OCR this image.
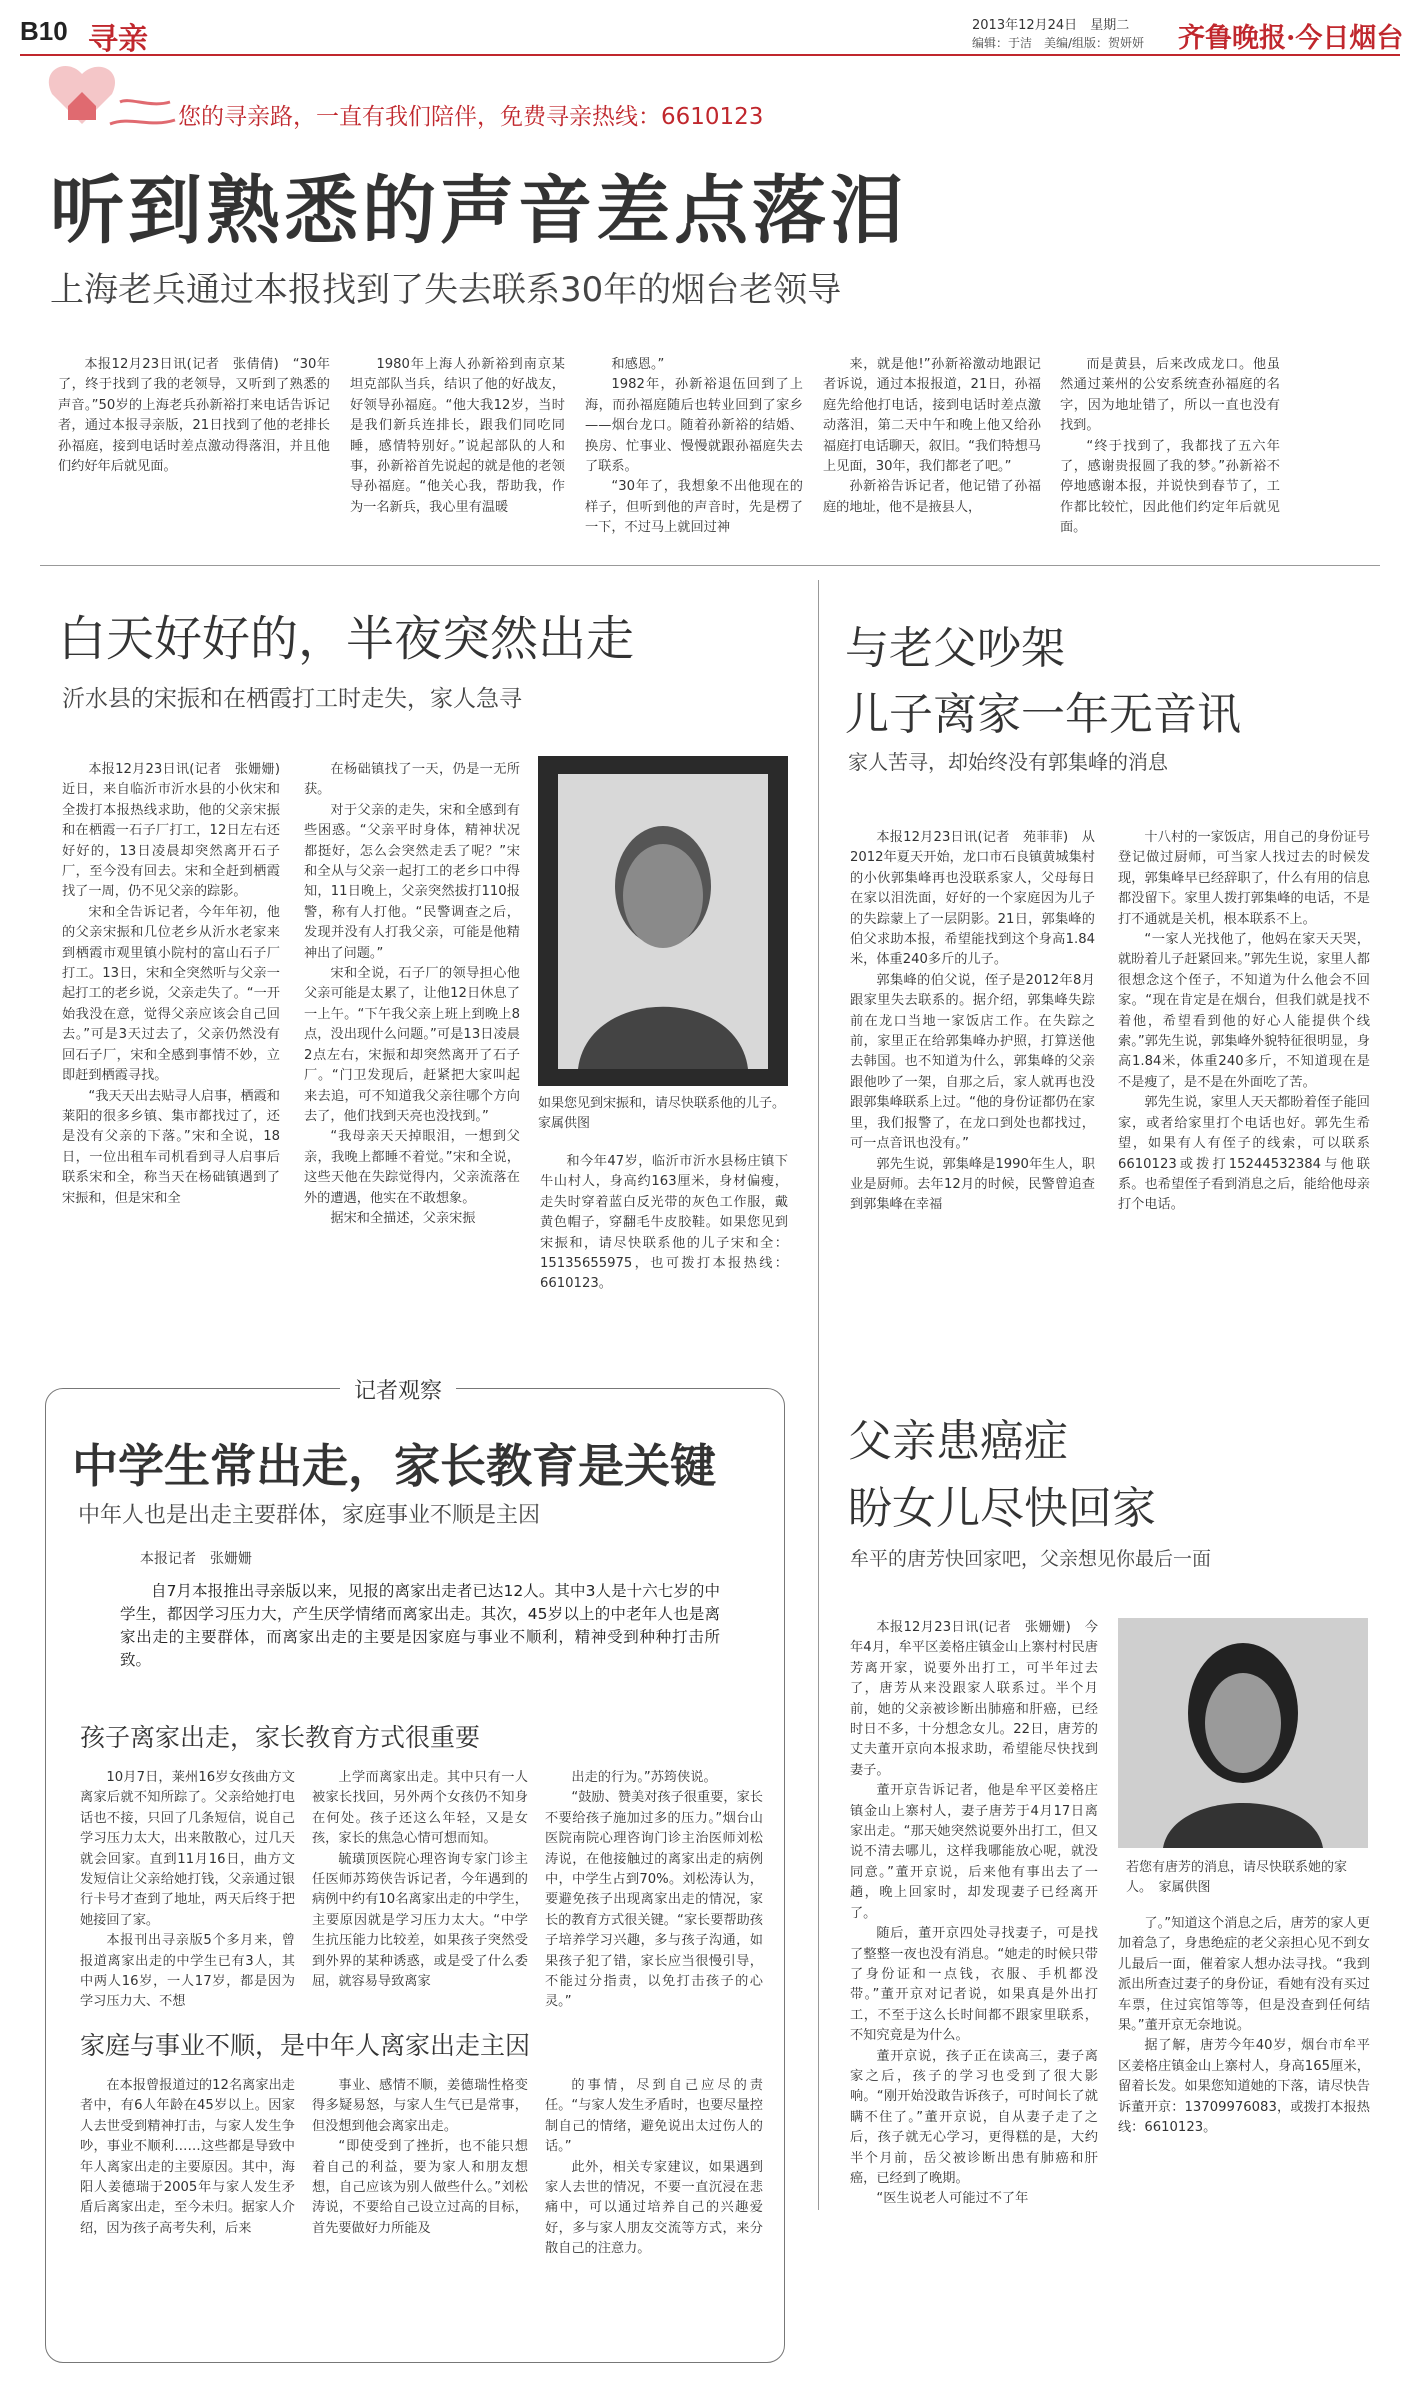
B10 寻亲	2013年12月24日　 星期二
编辑：于洁　美编/组版：贺妍妍 齐鲁晚报·今日烟台
您的寻亲路，一直有我们陪伴，免费寻亲热线：6610123
听到熟悉的声音差点落泪
上海老兵通过本报找到了失去联系30年的烟台老领导

本报12月23日讯(记者　张倩倩)　“30年了，终于找到了我的老领导，又听到了熟悉的声音。”50岁的上海老兵孙新裕打来电话告诉记者，通过本报寻亲版，21日找到了他的老排长孙福庭，接到电话时差点激动得落泪，并且他们约好年后就见面。

1980年上海人孙新裕到南京某坦克部队当兵，结识了他的好战友，好领导孙福庭。“他大我12岁，当时是我们新兵连排长，跟我们同吃同睡，感情特别好。”说起部队的人和事，孙新裕首先说起的就是他的老领导孙福庭。“他关心我，帮助我，作为一名新兵，我心里有温暖

和感恩。”

1982年，孙新裕退伍回到了上海，而孙福庭随后也转业回到了家乡——烟台龙口。随着孙新裕的结婚、换房、忙事业、慢慢就跟孙福庭失去了联系。

“30年了，我想象不出他现在的样子，但听到他的声音时，先是楞了一下，不过马上就回过神

来，就是他!”孙新裕激动地跟记者诉说，通过本报报道，21日，孙福庭先给他打电话，接到电话时差点激动落泪，第二天中午和晚上他又给孙福庭打电话聊天，叙旧。“我们特想马上见面，30年，我们都老了吧。”

孙新裕告诉记者，他记错了孙福庭的地址，他不是掖县人，

而是黄县，后来改成龙口。他虽然通过莱州的公安系统查孙福庭的名字，因为地址错了，所以一直也没有找到。

“终于找到了，我都找了五六年了，感谢贵报圆了我的梦。”孙新裕不停地感谢本报，并说快到春节了，工作都比较忙，因此他们约定年后就见面。

白天好好的，半夜突然出走
沂水县的宋振和在栖霞打工时走失，家人急寻

本报12月23日讯(记者　张姗姗)　近日，来自临沂市沂水县的小伙宋和全拨打本报热线求助，他的父亲宋振和在栖霞一石子厂打工，12日左右还好好的，13日凌晨却突然离开石子厂，至今没有回去。宋和全赶到栖霞找了一周，仍不见父亲的踪影。

宋和全告诉记者，今年年初，他的父亲宋振和几位老乡从沂水老家来到栖霞市观里镇小院村的富山石子厂打工。13日，宋和全突然听与父亲一起打工的老乡说，父亲走失了。“一开始我没在意，觉得父亲应该会自己回去。”可是3天过去了，父亲仍然没有回石子厂，宋和全感到事情不妙，立即赶到栖霞寻找。

“我天天出去贴寻人启事，栖霞和莱阳的很多乡镇、集市都找过了，还是没有父亲的下落。”宋和全说，18日，一位出租车司机看到寻人启事后联系宋和全，称当天在杨础镇遇到了宋振和，但是宋和全

在杨础镇找了一天，仍是一无所获。

对于父亲的走失，宋和全感到有些困惑。“父亲平时身体，精神状况都挺好，怎么会突然走丢了呢？”宋和全从与父亲一起打工的老乡口中得知，11日晚上，父亲突然拔打110报警，称有人打他。“民警调查之后，发现并没有人打我父亲，可能是他精神出了问题。”

宋和全说，石子厂的领导担心他父亲可能是太累了，让他12日休息了一上午。“下午我父亲上班上到晚上8点，没出现什么问题。”可是13日凌晨2点左右，宋振和却突然离开了石子厂。“门卫发现后，赶紧把大家叫起来去追，可不知道我父亲往哪个方向去了，他们找到天亮也没找到。”

“我母亲天天掉眼泪，一想到父亲，我晚上都睡不着觉。”宋和全说，这些天他在失踪觉得内，父亲流落在外的遭遇，他实在不敢想象。

据宋和全描述，父亲宋振

如果您见到宋振和，请尽快联系他的儿子。　家属供图

和今年47岁，临沂市沂水县杨庄镇下牛山村人，身高约163厘米，身材偏瘦，走失时穿着蓝白反光带的灰色工作服，戴黄色帽子，穿翻毛牛皮胶鞋。如果您见到宋振和，请尽快联系他的儿子宋和全：15135655975，也可拨打本报热线：6610123。

与老父吵架
儿子离家一年无音讯
家人苦寻，却始终没有郭集峰的消息

本报12月23日讯(记者　苑菲菲)　从2012年夏天开始，龙口市石良镇黄城集村的小伙郭集峰再也没联系家人，父母每日在家以泪洗面，好好的一个家庭因为儿子的失踪蒙上了一层阴影。21日，郭集峰的伯父求助本报，希望能找到这个身高1.84米，体重240多斤的儿子。

郭集峰的伯父说，侄子是2012年8月跟家里失去联系的。据介绍，郭集峰失踪前在龙口当地一家饭店工作。在失踪之前，家里正在给郭集峰办护照，打算送他去韩国。也不知道为什么，郭集峰的父亲跟他吵了一架，自那之后，家人就再也没跟郭集峰联系上过。“他的身份证都仍在家里，我们报警了，在龙口到处也都找过，可一点音讯也没有。”

郭先生说，郭集峰是1990年生人，职业是厨师。去年12月的时候，民警曾追查到郭集峰在幸福

十八村的一家饭店，用自己的身份证号登记做过厨师，可当家人找过去的时候发现，郭集峰早已经辞职了，什么有用的信息都没留下。家里人拨打郭集峰的电话，不是打不通就是关机，根本联系不上。

“一家人光找他了，他妈在家天天哭，就盼着儿子赶紧回来。”郭先生说，家里人都很想念这个侄子，不知道为什么他会不回家。“现在肯定是在烟台，但我们就是找不着他，希望看到他的好心人能提供个线索。”郭先生说，郭集峰外貌特征很明显，身高1.84米，体重240多斤，不知道现在是不是瘦了，是不是在外面吃了苦。

郭先生说，家里人天天都盼着侄子能回家，或者给家里打个电话也好。郭先生希望，如果有人有侄子的线索，可以联系6610123或拨打15244532384与他联系。也希望侄子看到消息之后，能给他母亲打个电话。

记者观察
中学生常出走，家长教育是关键
中年人也是出走主要群体，家庭事业不顺是主因
本报记者　张姗姗

自7月本报推出寻亲版以来，见报的离家出走者已达12人。其中3人是十六七岁的中学生，都因学习压力大，产生厌学情绪而离家出走。其次，45岁以上的中老年人也是离家出走的主要群体，而离家出走的主要是因家庭与事业不顺利，精神受到种种打击所致。

孩子离家出走，家长教育方式很重要

10月7日，莱州16岁女孩曲方文离家后就不知所踪了。父亲给她打电话也不接，只回了几条短信，说自己学习压力太大，出来散散心，过几天就会回家。直到11月16日，曲方文发短信让父亲给她打钱，父亲通过银行卡号才查到了地址，两天后终于把她接回了家。

本报刊出寻亲版5个多月来，曾报道离家出走的中学生已有3人，其中两人16岁，一人17岁，都是因为学习压力大、不想

上学而离家出走。其中只有一人被家长找回，另外两个女孩仍不知身在何处。孩子还这么年轻，又是女孩，家长的焦急心情可想而知。

毓璜顶医院心理咨询专家门诊主任医师苏筠侠告诉记者，今年遇到的病例中约有10名离家出走的中学生，主要原因就是学习压力太大。“中学生抗压能力比较差，如果孩子突然受到外界的某种诱惑，或是受了什么委屈，就容易导致离家

出走的行为。”苏筠侠说。

“鼓励、赞美对孩子很重要，家长不要给孩子施加过多的压力。”烟台山医院南院心理咨询门诊主治医师刘松涛说，在他接触过的离家出走的病例中，中学生占到70%。刘松涛认为，要避免孩子出现离家出走的情况，家长的教育方式很关键。“家长要帮助孩子培养学习兴趣，多与孩子沟通，如果孩子犯了错，家长应当很慢引导，不能过分指责，以免打击孩子的心灵。”

家庭与事业不顺，是中年人离家出走主因

在本报曾报道过的12名离家出走者中，有6人年龄在45岁以上。因家人去世受到精神打击，与家人发生争吵，事业不顺利……这些都是导致中年人离家出走的主要原因。其中，海阳人姜德瑞于2005年与家人发生矛盾后离家出走，至今未归。据家人介绍，因为孩子高考失利，后来

事业、感情不顺，姜德瑞性格变得多疑易怒，与家人生气已是常事，但没想到他会离家出走。

“即使受到了挫折，也不能只想着自己的利益，要为家人和朋友想想，自己应该为别人做些什么。”刘松涛说，不要给自己设立过高的目标，首先要做好力所能及

的事情，尽到自己应尽的责任。“与家人发生矛盾时，也要尽量控制自己的情绪，避免说出太过伤人的话。”

此外，相关专家建议，如果遇到家人去世的情况，不要一直沉浸在悲痛中，可以通过培养自己的兴趣爱好，多与家人朋友交流等方式，来分散自己的注意力。

父亲患癌症
盼女儿尽快回家
牟平的唐芳快回家吧，父亲想见你最后一面

本报12月23日讯(记者　张姗姗)　今年4月，牟平区姜格庄镇金山上寨村村民唐芳离开家，说要外出打工，可半年过去了，唐芳从来没跟家人联系过。半个月前，她的父亲被诊断出肺癌和肝癌，已经时日不多，十分想念女儿。22日，唐芳的丈夫董开京向本报求助，希望能尽快找到妻子。

董开京告诉记者，他是牟平区姜格庄镇金山上寨村人，妻子唐芳于4月17日离家出走。“那天她突然说要外出打工，但又说不清去哪儿，这样我哪能放心呢，就没同意。”董开京说，后来他有事出去了一趟，晚上回家时，却发现妻子已经离开了。

随后，董开京四处寻找妻子，可是找了整整一夜也没有消息。“她走的时候只带了身份证和一点钱，衣服、手机都没带。”董开京对记者说，如果真是外出打工，不至于这么长时间都不跟家里联系，不知究竟是为什么。

董开京说，孩子正在读高三，妻子离家之后，孩子的学习也受到了很大影响。“刚开始没敢告诉孩子，可时间长了就瞒不住了。”董开京说，自从妻子走了之后，孩子就无心学习，更得糕的是，大约半个月前，岳父被诊断出患有肺癌和肝癌，已经到了晚期。

“医生说老人可能过不了年

若您有唐芳的消息，请尽快联系她的家人。　家属供图

了。”知道这个消息之后，唐芳的家人更加着急了，身患绝症的老父亲担心见不到女儿最后一面，催着家人想办法寻找。“我到派出所查过妻子的身份证，看她有没有买过车票，住过宾馆等等，但是没查到任何结果。”董开京无奈地说。

据了解，唐芳今年40岁，烟台市牟平区姜格庄镇金山上寨村人，身高165厘米，留着长发。如果您知道她的下落，请尽快告诉董开京：13709976083，或拨打本报热线：6610123。
